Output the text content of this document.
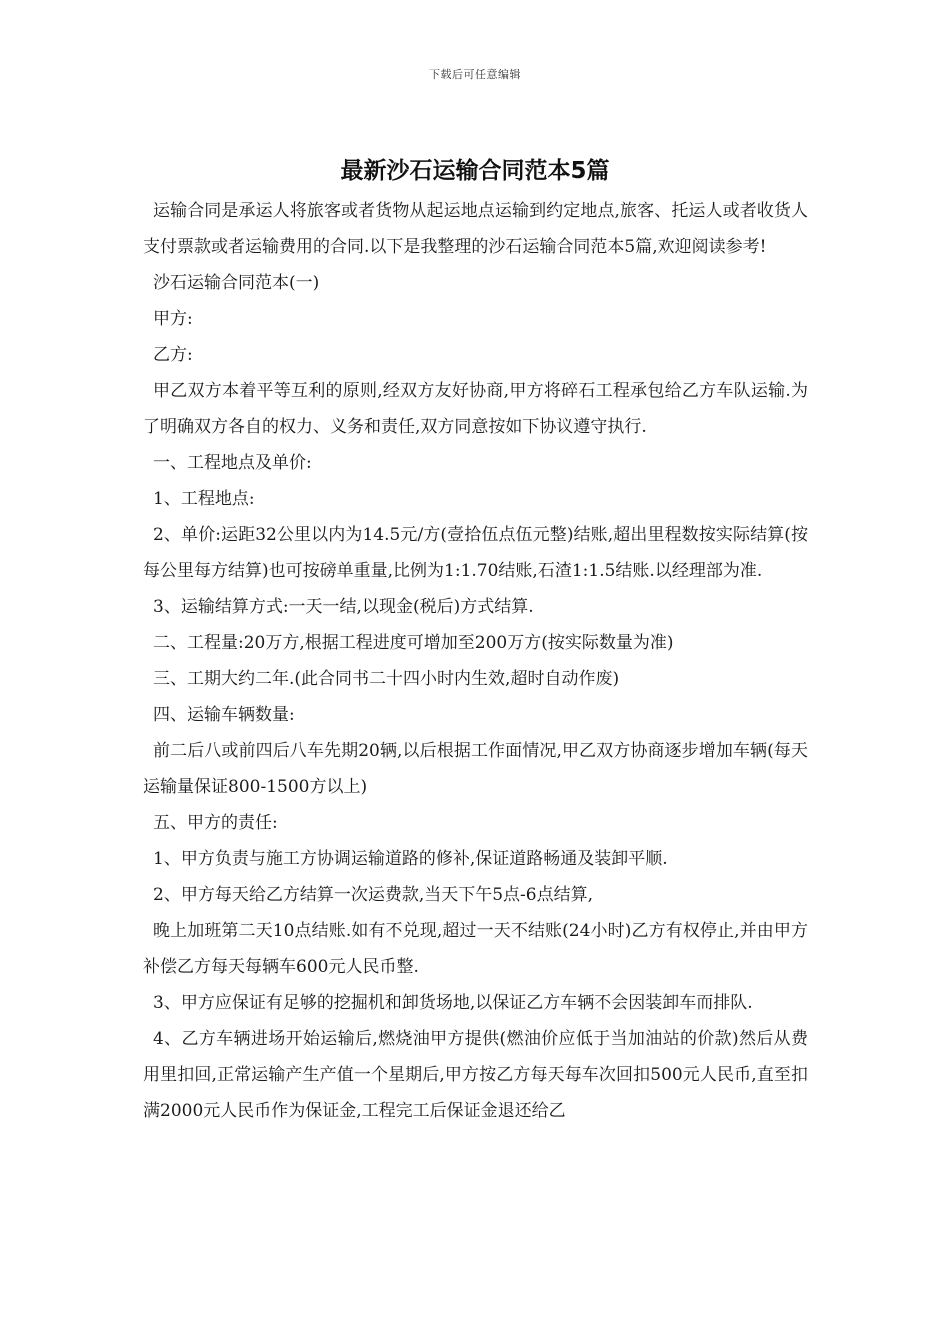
下载后可任意编辑
最新沙石运输合同范本5篇

运输合同是承运人将旅客或者货物从起运地点运输到约定地点,旅客、托运人或者收货人支付票款或者运输费用的合同.以下是我整理的沙石运输合同范本5篇,欢迎阅读参考!

沙石运输合同范本(一)

甲方:

乙方:

甲乙双方本着平等互利的原则,经双方友好协商,甲方将碎石工程承包给乙方车队运输.为了明确双方各自的权力、义务和责任,双方同意按如下协议遵守执行.

一、工程地点及单价:

1、工程地点:

2、单价:运距32公里以内为14.5元/方(壹拾伍点伍元整)结账,超出里程数按实际结算(按每公里每方结算)也可按磅单重量,比例为1:1.70结账,石渣1:1.5结账.以经理部为准.

3、运输结算方式:一天一结,以现金(税后)方式结算.

二、工程量:20万方,根据工程进度可增加至200万方(按实际数量为准)

三、工期大约二年.(此合同书二十四小时内生效,超时自动作废)

四、运输车辆数量:

前二后八或前四后八车先期20辆,以后根据工作面情况,甲乙双方协商逐步增加车辆(每天运输量保证800-1500方以上)

五、甲方的责任:

1、甲方负责与施工方协调运输道路的修补,保证道路畅通及装卸平顺.

2、甲方每天给乙方结算一次运费款,当天下午5点-6点结算,

晚上加班第二天10点结账.如有不兑现,超过一天不结账(24小时)乙方有权停止,并由甲方补偿乙方每天每辆车600元人民币整.

3、甲方应保证有足够的挖掘机和卸货场地,以保证乙方车辆不会因装卸车而排队.

4、乙方车辆进场开始运输后,燃烧油甲方提供(燃油价应低于当加油站的价款)然后从费用里扣回,正常运输产生产值一个星期后,甲方按乙方每天每车次回扣500元人民币,直至扣满2000元人民币作为保证金,工程完工后保证金退还给乙
